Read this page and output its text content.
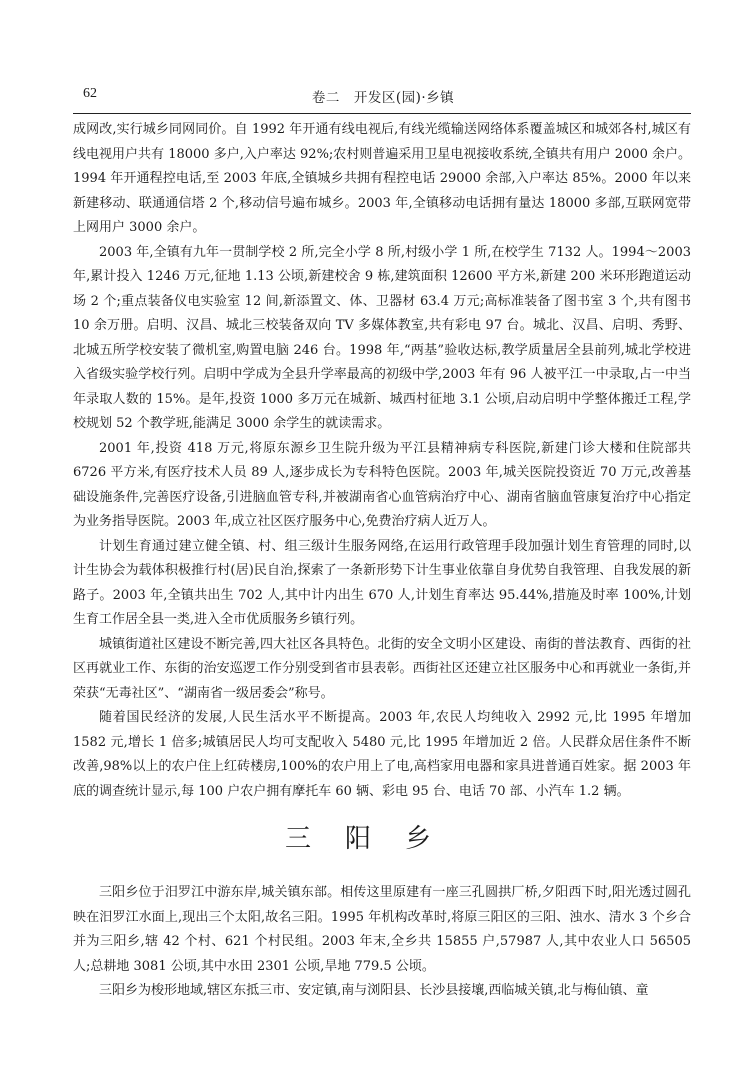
62	卷二　开发区(园)·乡镇

成网改,实行城乡同网同价。自 1992 年开通有线电视后,有线光缆输送网络体系覆盖城区和城郊各村,城区有线电视用户共有 18000 多户,入户率达 92%;农村则普遍采用卫星电视接收系统,全镇共有用户 2000 余户。1994 年开通程控电话,至 2003 年底,全镇城乡共拥有程控电话 29000 余部,入户率达 85%。2000 年以来新建移动、联通通信塔 2 个,移动信号遍布城乡。2003 年,全镇移动电话拥有量达 18000 多部,互联网宽带上网用户 3000 余户。

2003 年,全镇有九年一贯制学校 2 所,完全小学 8 所,村级小学 1 所,在校学生 7132 人。1994～2003 年,累计投入 1246 万元,征地 1.13 公顷,新建校舍 9 栋,建筑面积 12600 平方米,新建 200 米环形跑道运动场 2 个;重点装备仪电实验室 12 间,新添置文、体、卫器材 63.4 万元;高标准装备了图书室 3 个,共有图书 10 余万册。启明、汉昌、城北三校装备双向 TV 多媒体教室,共有彩电 97 台。城北、汉昌、启明、秀野、北城五所学校安装了微机室,购置电脑 246 台。1998 年,“两基”验收达标,教学质量居全县前列,城北学校进入省级实验学校行列。启明中学成为全县升学率最高的初级中学,2003 年有 96 人被平江一中录取,占一中当年录取人数的 15%。是年,投资 1000 多万元在城新、城西村征地 3.1 公顷,启动启明中学整体搬迁工程,学校规划 52 个教学班,能满足 3000 余学生的就读需求。

2001 年,投资 418 万元,将原东源乡卫生院升级为平江县精神病专科医院,新建门诊大楼和住院部共 6726 平方米,有医疗技术人员 89 人,逐步成长为专科特色医院。2003 年,城关医院投资近 70 万元,改善基础设施条件,完善医疗设备,引进脑血管专科,并被湖南省心血管病治疗中心、湖南省脑血管康复治疗中心指定为业务指导医院。2003 年,成立社区医疗服务中心,免费治疗病人近万人。

计划生育通过建立健全镇、村、组三级计生服务网络,在运用行政管理手段加强计划生育管理的同时,以计生协会为载体积极推行村(居)民自治,探索了一条新形势下计生事业依靠自身优势自我管理、自我发展的新路子。2003 年,全镇共出生 702 人,其中计内出生 670 人,计划生育率达 95.44%,措施及时率 100%,计划生育工作居全县一类,进入全市优质服务乡镇行列。

城镇街道社区建设不断完善,四大社区各具特色。北街的安全文明小区建设、南街的普法教育、西街的社区再就业工作、东街的治安巡逻工作分别受到省市县表彰。西街社区还建立社区服务中心和再就业一条街,并荣获“无毒社区”、“湖南省一级居委会”称号。

随着国民经济的发展,人民生活水平不断提高。2003 年,农民人均纯收入 2992 元,比 1995 年增加 1582 元,增长 1 倍多;城镇居民人均可支配收入 5480 元,比 1995 年增加近 2 倍。人民群众居住条件不断改善,98%以上的农户住上红砖楼房,100%的农户用上了电,高档家用电器和家具进普通百姓家。据 2003 年底的调查统计显示,每 100 户农户拥有摩托车 60 辆、彩电 95 台、电话 70 部、小汽车 1.2 辆。

三阳乡

三阳乡位于汨罗江中游东岸,城关镇东部。相传这里原建有一座三孔圆拱厂桥,夕阳西下时,阳光透过圆孔映在汨罗江水面上,现出三个太阳,故名三阳。1995 年机构改革时,将原三阳区的三阳、浊水、清水 3 个乡合并为三阳乡,辖 42 个村、621 个村民组。2003 年末,全乡共 15855 户,57987 人,其中农业人口 56505 人;总耕地 3081 公顷,其中水田 2301 公顷,旱地 779.5 公顷。

三阳乡为梭形地域,辖区东抵三市、安定镇,南与浏阳县、长沙县接壤,西临城关镇,北与梅仙镇、童
